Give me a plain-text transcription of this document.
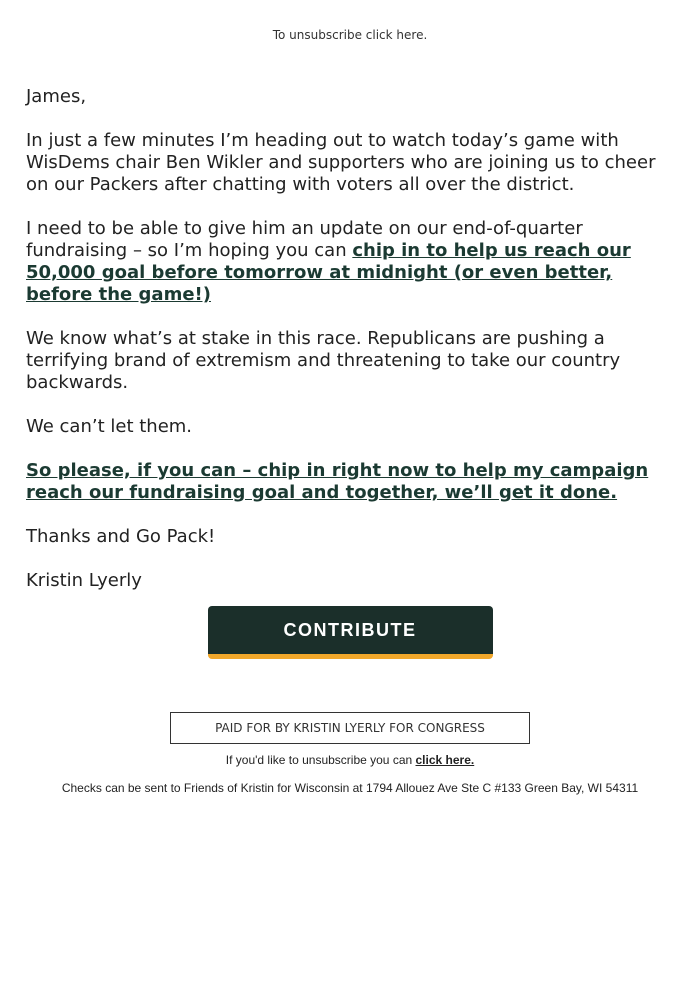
To unsubscribe click here.

James,

In just a few minutes I’m heading out to watch today’s game with WisDems chair Ben Wikler and supporters who are joining us to cheer on our Packers after chatting with voters all over the district.

I need to be able to give him an update on our end-of-quarter fundraising – so I’m hoping you can chip in to help us reach our 50,000 goal before tomorrow at midnight (or even better, before the game!)

We know what’s at stake in this race. Republicans are pushing a terrifying brand of extremism and threatening to take our country backwards.

We can’t let them.

So please, if you can – chip in right now to help my campaign reach our fundraising goal and together, we’ll get it done.

Thanks and Go Pack!

Kristin Lyerly

CONTRIBUTE
PAID FOR BY KRISTIN LYERLY FOR CONGRESS
If you'd like to unsubscribe you can click here.
Checks can be sent to Friends of Kristin for Wisconsin at 1794 Allouez Ave Ste C #133 Green Bay, WI 54311
